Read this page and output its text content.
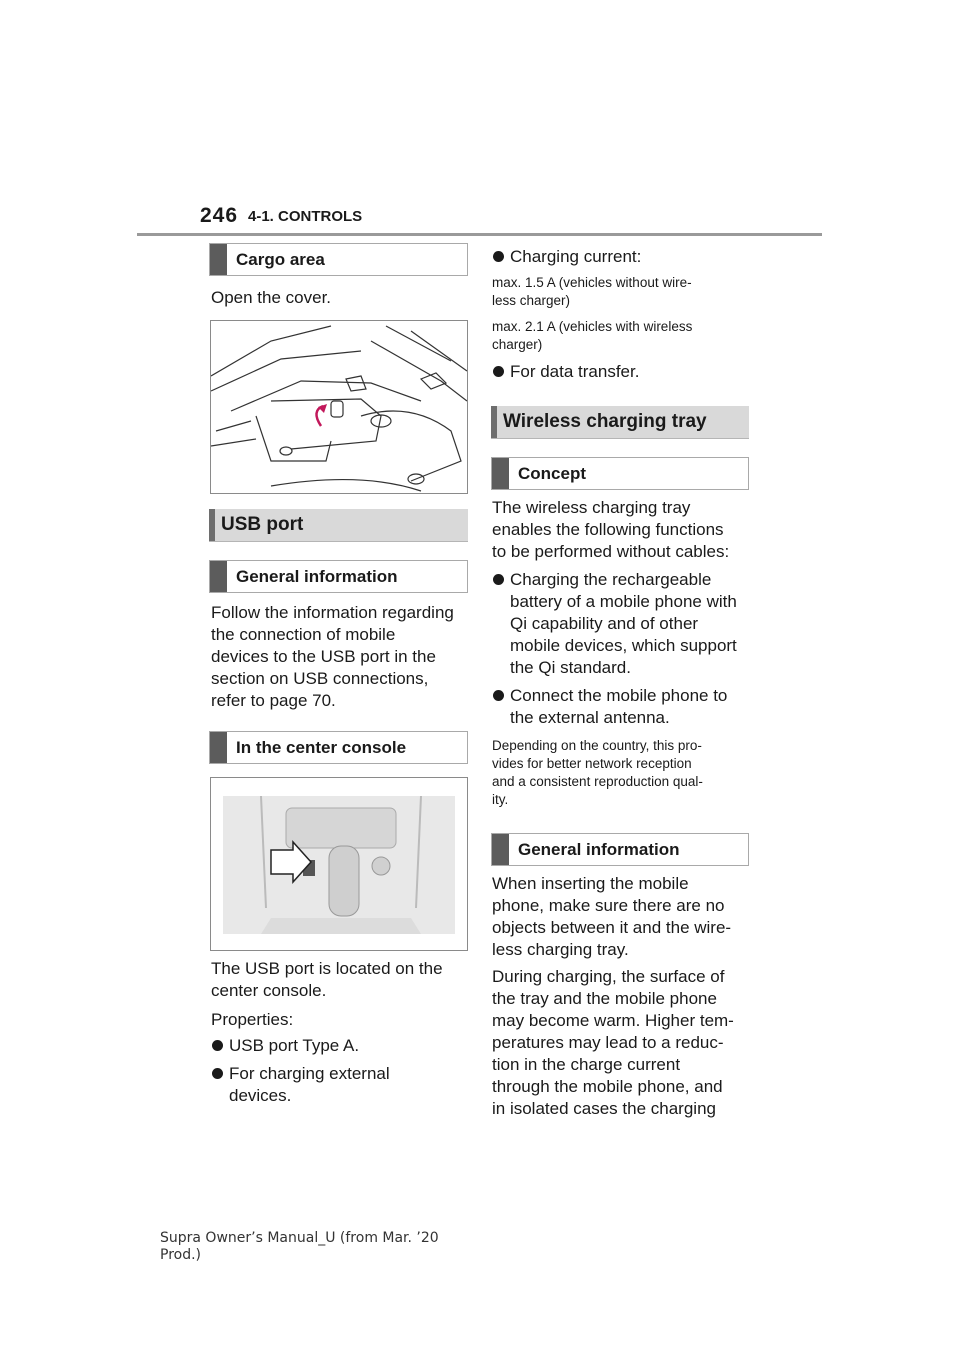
246 4-1. CONTROLS
Cargo area
Open the cover.
USB port
General information
Follow the information regarding
the connection of mobile
devices to the USB port in the
section on USB connections,
refer to page 70.
In the center console
The USB port is located on the
center console.
Properties:
USB port Type A.
For charging external
devices.
Charging current:
max. 1.5 A (vehicles without wire-
less charger)
max. 2.1 A (vehicles with wireless
charger)
For data transfer.
Wireless charging tray
Concept
The wireless charging tray
enables the following functions
to be performed without cables:
Charging the rechargeable
battery of a mobile phone with
Qi capability and of other
mobile devices, which support
the Qi standard.
Connect the mobile phone to
the external antenna.
Depending on the country, this pro-
vides for better network reception
and a consistent reproduction qual-
ity.
General information
When inserting the mobile
phone, make sure there are no
objects between it and the wire-
less charging tray.
During charging, the surface of
the tray and the mobile phone
may become warm. Higher tem-
peratures may lead to a reduc-
tion in the charge current
through the mobile phone, and
in isolated cases the charging
Supra Owner’s Manual_U (from Mar. ’20
Prod.)
